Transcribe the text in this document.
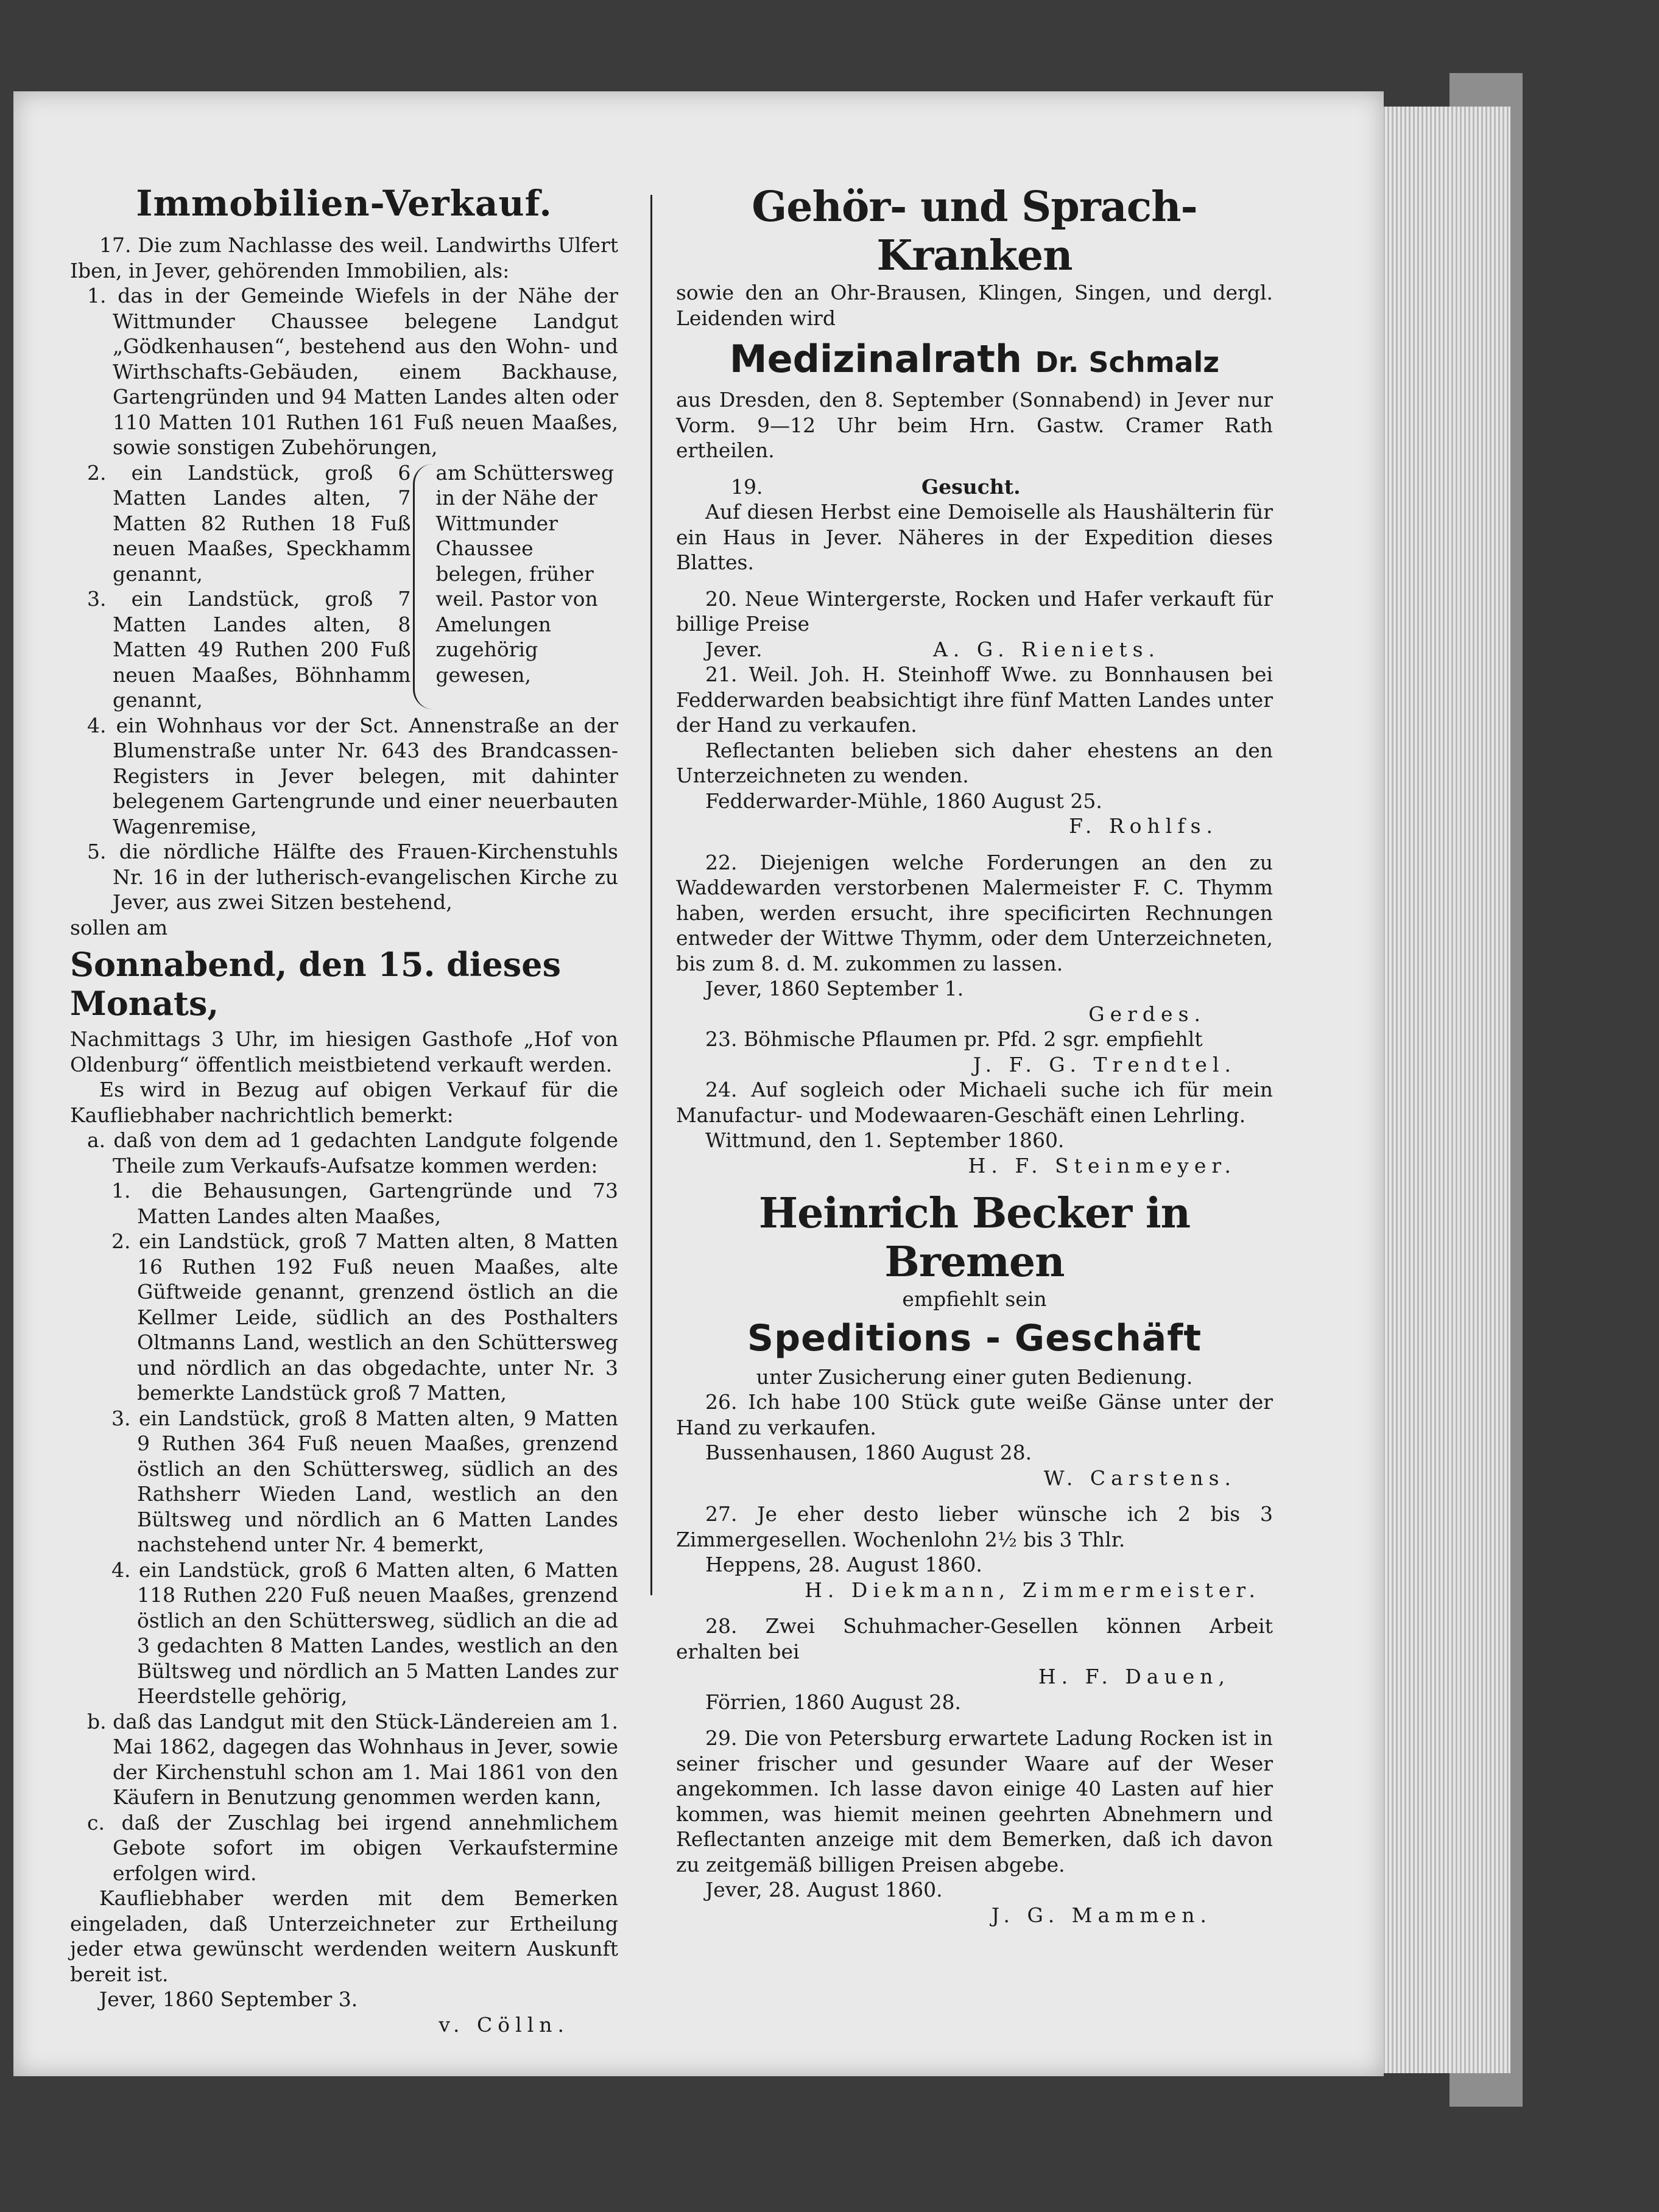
Immobilien-Verkauf.

17. Die zum Nachlasse des weil. Landwirths Ulfert Iben, in Jever, gehörenden Immobilien, als:

1. das in der Gemeinde Wiefels in der Nähe der Wittmunder Chaussee belegene Landgut „Gödkenhausen“, bestehend aus den Wohn- und Wirthschafts-Gebäuden, einem Backhause, Gartengründen und 94 Matten Landes alten oder 110 Matten 101 Ruthen 161 Fuß neuen Maaßes, sowie sonstigen Zubehörungen,

2. ein Landstück, groß 6 Matten Landes alten, 7 Matten 82 Ruthen 18 Fuß neuen Maaßes, Speckhamm genannt,

3. ein Landstück, groß 7 Matten Landes alten, 8 Matten 49 Ruthen 200 Fuß neuen Maaßes, Böhnhamm genannt,

am Schüttersweg in der Nähe der Wittmunder Chaussee belegen, früher weil. Pastor von Amelungen zugehörig gewesen,

4. ein Wohnhaus vor der Sct. Annenstraße an der Blumenstraße unter Nr. 643 des Brandcassen-Registers in Jever belegen, mit dahinter belegenem Gartengrunde und einer neuerbauten Wagenremise,

5. die nördliche Hälfte des Frauen-Kirchenstuhls Nr. 16 in der lutherisch-evangelischen Kirche zu Jever, aus zwei Sitzen bestehend,

sollen am

Sonnabend, den 15. dieses Monats,

Nachmittags 3 Uhr, im hiesigen Gasthofe „Hof von Oldenburg“ öffentlich meistbietend verkauft werden.

Es wird in Bezug auf obigen Verkauf für die Kaufliebhaber nachrichtlich bemerkt:

a. daß von dem ad 1 gedachten Landgute folgende Theile zum Verkaufs-Aufsatze kommen werden:

1. die Behausungen, Gartengründe und 73 Matten Landes alten Maaßes,

2. ein Landstück, groß 7 Matten alten, 8 Matten 16 Ruthen 192 Fuß neuen Maaßes, alte Güftweide genannt, grenzend östlich an die Kellmer Leide, südlich an des Posthalters Oltmanns Land, westlich an den Schüttersweg und nördlich an das obgedachte, unter Nr. 3 bemerkte Landstück groß 7 Matten,

3. ein Landstück, groß 8 Matten alten, 9 Matten 9 Ruthen 364 Fuß neuen Maaßes, grenzend östlich an den Schüttersweg, südlich an des Rathsherr Wieden Land, westlich an den Bültsweg und nördlich an 6 Matten Landes nachstehend unter Nr. 4 bemerkt,

4. ein Landstück, groß 6 Matten alten, 6 Matten 118 Ruthen 220 Fuß neuen Maaßes, grenzend östlich an den Schüttersweg, südlich an die ad 3 gedachten 8 Matten Landes, westlich an den Bültsweg und nördlich an 5 Matten Landes zur Heerdstelle gehörig,

b. daß das Landgut mit den Stück-Ländereien am 1. Mai 1862, dagegen das Wohnhaus in Jever, sowie der Kirchenstuhl schon am 1. Mai 1861 von den Käufern in Benutzung genommen werden kann,

c. daß der Zuschlag bei irgend annehmlichem Gebote sofort im obigen Verkaufstermine erfolgen wird.

Kaufliebhaber werden mit dem Bemerken eingeladen, daß Unterzeichneter zur Ertheilung jeder etwa gewünscht werdenden weitern Auskunft bereit ist.

Jever, 1860 September 3.

v. Cölln.

Gehör- und Sprach-Kranken

sowie den an Ohr-Brausen, Klingen, Singen, und dergl. Leidenden wird

Medizinalrath Dr. Schmalz

aus Dresden, den 8. September (Sonnabend) in Jever nur Vorm. 9—12 Uhr beim Hrn. Gastw. Cramer Rath ertheilen.

19.	Gesucht.

Auf diesen Herbst eine Demoiselle als Haushälterin für ein Haus in Jever. Näheres in der Expedition dieses Blattes.

20. Neue Wintergerste, Rocken und Hafer verkauft für billige Preise

Jever.	A. G. Rieniets.

21. Weil. Joh. H. Steinhoff Wwe. zu Bonnhausen bei Fedderwarden beabsichtigt ihre fünf Matten Landes unter der Hand zu verkaufen.

Reflectanten belieben sich daher ehestens an den Unterzeichneten zu wenden.

Fedderwarder-Mühle, 1860 August 25.

F. Rohlfs.

22. Diejenigen welche Forderungen an den zu Waddewarden verstorbenen Malermeister F. C. Thymm haben, werden ersucht, ihre specificirten Rechnungen entweder der Wittwe Thymm, oder dem Unterzeichneten, bis zum 8. d. M. zukommen zu lassen.

Jever, 1860 September 1.

Gerdes.

23. Böhmische Pflaumen pr. Pfd. 2 sgr. empfiehlt

J. F. G. Trendtel.

24. Auf sogleich oder Michaeli suche ich für mein Manufactur- und Modewaaren-Geschäft einen Lehrling.

Wittmund, den 1. September 1860.

H. F. Steinmeyer.

Heinrich Becker in Bremen

empfiehlt sein

Speditions - Geschäft

unter Zusicherung einer guten Bedienung.

26. Ich habe 100 Stück gute weiße Gänse unter der Hand zu verkaufen.

Bussenhausen, 1860 August 28.

W. Carstens.

27. Je eher desto lieber wünsche ich 2 bis 3 Zimmergesellen. Wochenlohn 2½ bis 3 Thlr.

Heppens, 28. August 1860.

H. Diekmann, Zimmermeister.

28. Zwei Schuhmacher-Gesellen können Arbeit erhalten bei

H. F. Dauen,

Förrien, 1860 August 28.

29. Die von Petersburg erwartete Ladung Rocken ist in seiner frischer und gesunder Waare auf der Weser angekommen. Ich lasse davon einige 40 Lasten auf hier kommen, was hiemit meinen geehrten Abnehmern und Reflectanten anzeige mit dem Bemerken, daß ich davon zu zeitgemäß billigen Preisen abgebe.

Jever, 28. August 1860.

J. G. Mammen.
